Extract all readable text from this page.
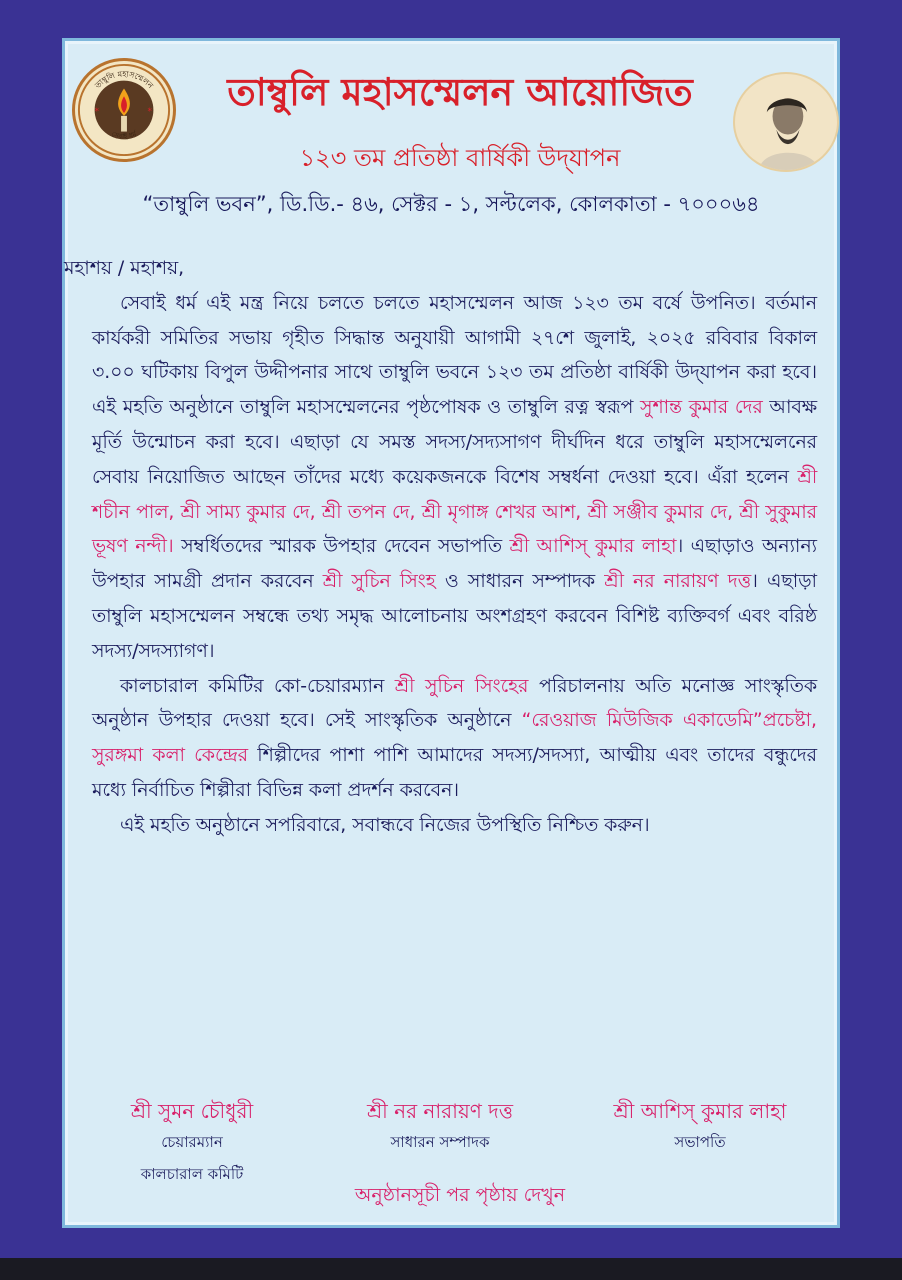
তাম্বুলি মহাসম্মেলন
সেবাই ধর্ম
*	*	তাম্বুলি মহাসম্মেলন আয়োজিত
১২৩ তম প্রতিষ্ঠা বার্ষিকী উদ্‌যাপন
“তাম্বুলি ভবন”, ডি.ডি.- ৪৬, সেক্টর - ১, সল্টলেক, কোলকাতা - ৭০০০৬৪

মহাশয় / মহাশয়,

সেবাই ধর্ম এই মন্ত্র নিয়ে চলতে চলতে মহাসম্মেলন আজ ১২৩ তম বর্ষে উপনিত। বর্তমান কার্যকরী সমিতির সভায় গৃহীত সিদ্ধান্ত অনুযায়ী আগামী ২৭শে জুলাই, ২০২৫ রবিবার বিকাল ৩.০০ ঘটিকায় বিপুল উদ্দীপনার সাথে তাম্বুলি ভবনে ১২৩ তম প্রতিষ্ঠা বার্ষিকী উদ্‌যাপন করা হবে। এই মহতি অনুষ্ঠানে তাম্বুলি মহাসম্মেলনের পৃষ্ঠপোষক ও তাম্বুলি রত্ন স্বরূপ সুশান্ত কুমার দের আবক্ষ মূর্তি উন্মোচন করা হবে। এছাড়া যে সমস্ত সদস্য/সদ্যসাগণ দীর্ঘদিন ধরে তাম্বুলি মহাসম্মেলনের সেবায় নিয়োজিত আছেন তাঁদের মধ্যে কয়েকজনকে বিশেষ সম্বর্ধনা দেওয়া হবে। এঁরা হলেন শ্রী শচীন পাল, শ্রী সাম্য কুমার দে, শ্রী তপন দে, শ্রী মৃগাঙ্গ শেখর আশ, শ্রী সঞ্জীব কুমার দে, শ্রী সুকুমার ভূষণ নন্দী। সম্বর্ধিতদের স্মারক উপহার দেবেন সভাপতি শ্রী আশিস্ কুমার লাহা। এছাড়াও অন্যান্য উপহার সামগ্রী প্রদান করবেন শ্রী সুচিন সিংহ ও সাধারন সম্পাদক শ্রী নর নারায়ণ দত্ত। এছাড়া তাম্বুলি মহাসম্মেলন সম্বন্ধে তথ্য সমৃদ্ধ আলোচনায় অংশগ্রহণ করবেন বিশিষ্ট ব্যক্তিবর্গ এবং বরিষ্ঠ সদস্য/সদস্যাগণ।

কালচারাল কমিটির কো-চেয়ারম্যান শ্রী সুচিন সিংহের পরিচালনায় অতি মনোজ্ঞ সাংস্কৃতিক অনুষ্ঠান উপহার দেওয়া হবে। সেই সাংস্কৃতিক অনুষ্ঠানে “রেওয়াজ মিউজিক একাডেমি”প্রচেষ্টা, সুরঙ্গমা কলা কেন্দ্রের শিল্পীদের পাশা পাশি আমাদের সদস্য/সদস্যা, আত্মীয় এবং তাদের বন্ধুদের মধ্যে নির্বাচিত শিল্পীরা বিভিন্ন কলা প্রদর্শন করবেন।

এই মহতি অনুষ্ঠানে সপরিবারে, সবান্ধবে নিজের উপস্থিতি নিশ্চিত করুন।

শ্রী সুমন চৌধুরী
চেয়ারম্যান
কালচারাল কমিটি
শ্রী নর নারায়ণ দত্ত
সাধারন সম্পাদক
শ্রী আশিস্ কুমার লাহা
সভাপতি
অনুষ্ঠানসূচী পর পৃষ্ঠায় দেখুন
